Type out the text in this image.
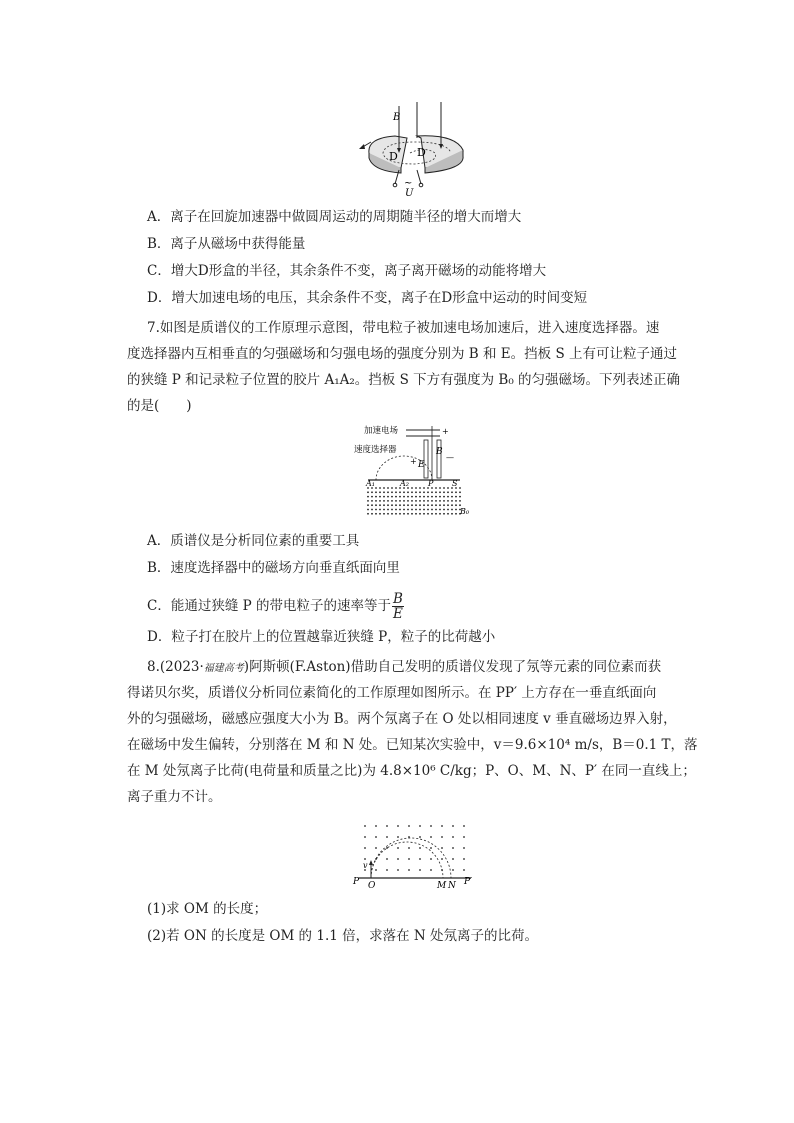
B
D D
~
U
A．离子在回旋加速器中做圆周运动的周期随半径的增大而增大
B．离子从磁场中获得能量
C．增大D形盒的半径，其余条件不变，离子离开磁场的动能将增大
D．增大加速电场的电压，其余条件不变，离子在D形盒中运动的时间变短
7.如图是质谱仪的工作原理示意图，带电粒子被加速电场加速后，进入速度选择器。速
度选择器内互相垂直的匀强磁场和匀强电场的强度分别为 B 和 E。挡板 S 上有可让粒子通过
的狭缝 P 和记录粒子位置的胶片 A₁A₂。挡板 S 下方有强度为 B₀ 的匀强磁场。下列表述正确
的是(　　)
加速电场
速度选择器
E
B
+
+	—
A₁	A₂ P S
B₀
A．质谱仪是分析同位素的重要工具
B．速度选择器中的磁场方向垂直纸面向里
C．能通过狭缝 P 的带电粒子的速率等于 $\frac{B}{E}$
D．粒子打在胶片上的位置越靠近狭缝 P，粒子的比荷越小
8.(2023·福建高考)阿斯顿(F.Aston)借助自己发明的质谱仪发现了氖等元素的同位素而获
得诺贝尔奖，质谱仪分析同位素简化的工作原理如图所示。在 PP′ 上方存在一垂直纸面向
外的匀强磁场，磁感应强度大小为 B。两个氖离子在 O 处以相同速度 v 垂直磁场边界入射，
在磁场中发生偏转，分别落在 M 和 N 处。已知某次实验中，v＝9.6×10⁴ m/s，B＝0.1 T，落
在 M 处氖离子比荷(电荷量和质量之比)为 4.8×10⁶ C/kg；P、O、M、N、P′ 在同一直线上；
离子重力不计。
P O	M N P′
v
(1)求 OM 的长度；
(2)若 ON 的长度是 OM 的 1.1 倍，求落在 N 处氖离子的比荷。
